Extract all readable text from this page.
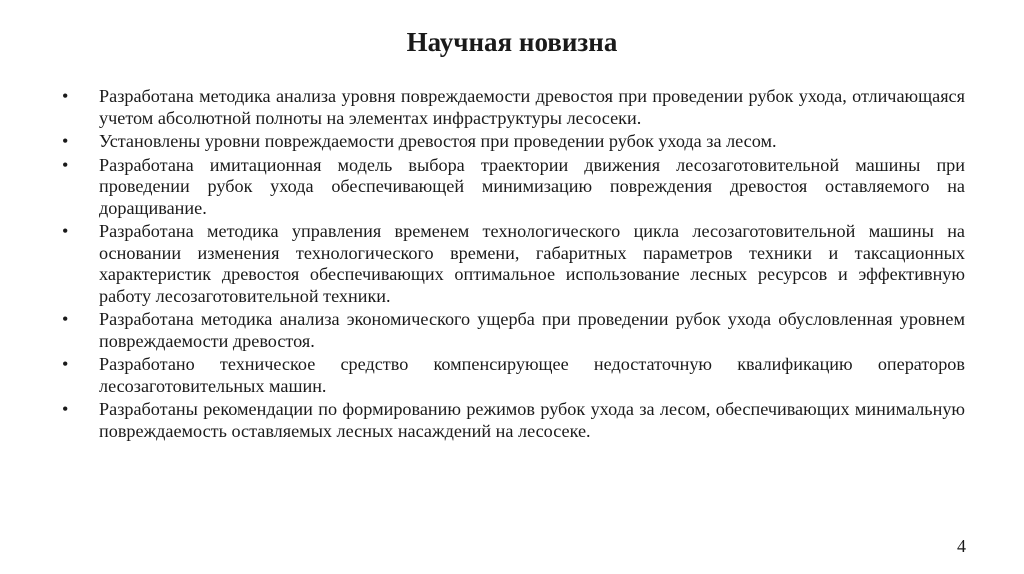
Научная новизна
•	Разработана методика анализа уровня повреждаемости древостоя при проведении рубок ухода, отличающаяся учетом абсолютной полноты на элементах инфраструктуры лесосеки.
•	Установлены уровни повреждаемости древостоя при проведении рубок ухода за лесом.
•	Разработана имитационная модель выбора траектории движения лесозаготовительной машины при проведении рубок ухода обеспечивающей минимизацию повреждения древостоя оставляемого на доращивание.
•	Разработана методика управления временем технологического цикла лесозаготовительной машины на основании изменения технологического времени, габаритных параметров техники и таксационных характеристик древостоя обеспечивающих оптимальное использование лесных ресурсов и эффективную работу лесозаготовительной техники.
•	Разработана методика анализа экономического ущерба при проведении рубок ухода обусловленная уровнем повреждаемости древостоя.
•	Разработано техническое средство компенсирующее недостаточную квалификацию операторов лесозаготовительных машин.
•	Разработаны рекомендации по формированию режимов рубок ухода за лесом, обеспечивающих минимальную повреждаемость оставляемых лесных насаждений на лесосеке.
4
